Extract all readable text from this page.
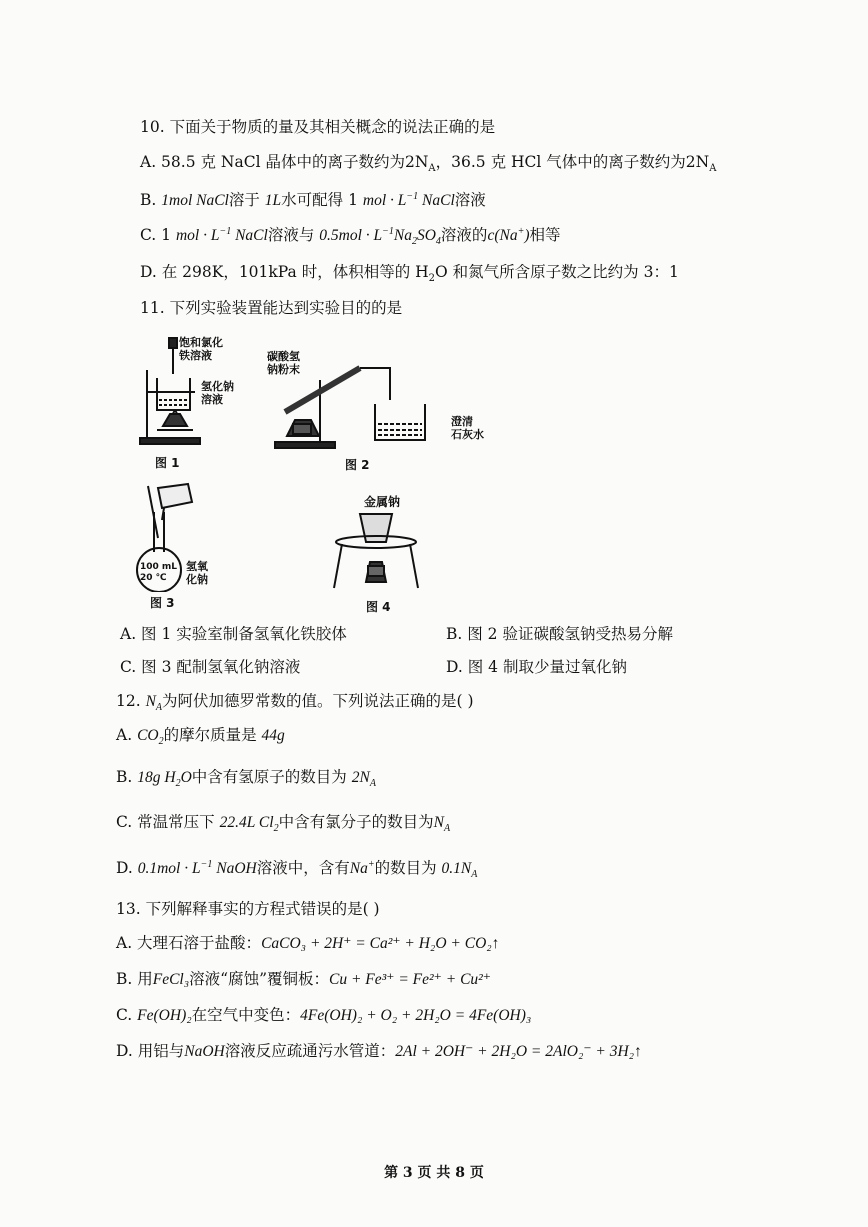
10. 下面关于物质的量及其相关概念的说法正确的是
A. 58.5 克 NaCl 晶体中的离子数约为$2N_A$，36.5 克 HCl 气体中的离子数约为$2N_A$
B. 1mol NaCl溶于 1L水可配得 1 mol · $L^{-1}$ NaCl溶液
C. 1 mol · $L^{-1}$ NaCl溶液与 $0.5mol \cdot L^{-1}Na_2SO_4$溶液的c(Na+)相等
D. 在 298K，101kPa 时，体积相等的 $H_2O$ 和氮气所含原子数之比约为 3：1
11. 下列实验装置能达到实验目的的是
饱和氯化
铁溶液
氢化钠
溶液
图 1
碳酸氢
钠粉末
澄清
石灰水
图 2
100 mL
20 ℃
氢氧
化钠
图 3
金属钠
图 4
A. 图 1 实验室制备氢氧化铁胶体	B. 图 2 验证碳酸氢钠受热易分解
C. 图 3 配制氢氧化钠溶液	D. 图 4 制取少量过氧化钠
12. $N_A$为阿伏加德罗常数的值。下列说法正确的是( )
A. $CO_2$的摩尔质量是 44g
B. 18g $H_2O$中含有氢原子的数目为 $2N_A$
C. 常温常压下 22.4L $Cl_2$中含有氯分子的数目为$N_A$
D. $0.1mol \cdot L^{-1}$ NaOH溶液中，含有Na+的数目为 $0.1N_A$
13. 下列解释事实的方程式错误的是( )
A. 大理石溶于盐酸：CaCO₃ + 2H⁺ = Ca²⁺ + H₂O + CO₂↑
B. 用FeCl₃溶液“腐蚀”覆铜板：Cu + Fe³⁺ = Fe²⁺ + Cu²⁺
C. Fe(OH)₂在空气中变色：4Fe(OH)₂ + O₂ + 2H₂O = 4Fe(OH)₃
D. 用铝与NaOH溶液反应疏通污水管道：2Al + 2OH⁻ + 2H₂O = 2AlO₂⁻ + 3H₂↑
第 3 页 共 8 页
